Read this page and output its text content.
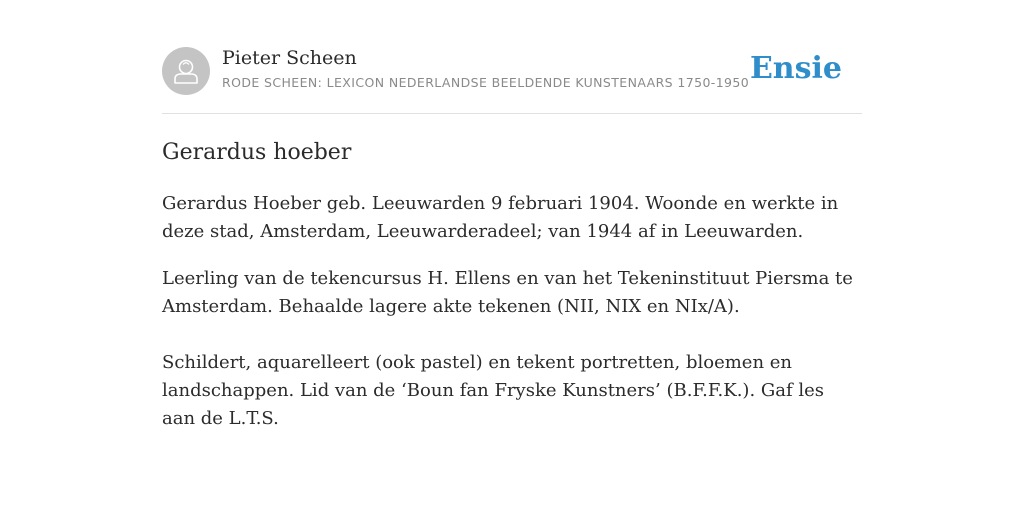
Pieter Scheen
RODE SCHEEN: LEXICON NEDERLANDSE BEELDENDE KUNSTENAARS 1750-1950 Ensie
Gerardus hoeber

Gerardus Hoeber geb. Leeuwarden 9 februari 1904. Woonde en werkte in deze stad, Amsterdam, Leeuwarderadeel; van 1944 af in Leeuwarden.

Leerling van de tekencursus H. Ellens en van het Tekeninstituut Piersma te Amsterdam. Behaalde lagere akte tekenen (NII, NIX en NIx/A).

Schildert, aquarelleert (ook pastel) en tekent portretten, bloemen en landschappen. Lid van de ‘Boun fan Fryske Kunstners’ (B.F.F.K.). Gaf les aan de L.T.S.
